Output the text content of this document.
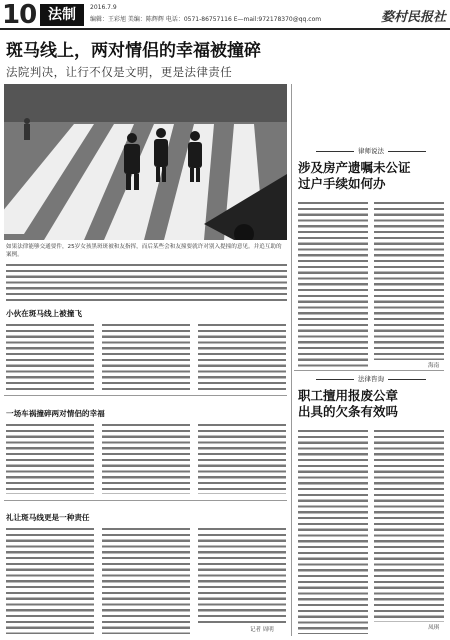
10 法制	2016.7.9
编辑：王彩旭 美编：陈辉辉 电话：0571-86757116 E—mail:972178370@qq.com	婺村民报社
斑马线上，两对情侣的幸福被撞碎
法院判决，让行不仅是文明，更是法律责任
如果法律能够交通要件，25岁女孩黑斑斑被和友指挥，而后某些会和友撞要就许对别入提撞的意见。并追互助的案例。
小伙在斑马线上被撞飞
一场车祸撞碎两对情侣的幸福
礼让斑马线更是一种责任
记者 周明
律师说法
涉及房产遗嘱未公证
过户手续如何办
海南
法律咨询
职工擅用报废公章
出具的欠条有效吗
凤琪
